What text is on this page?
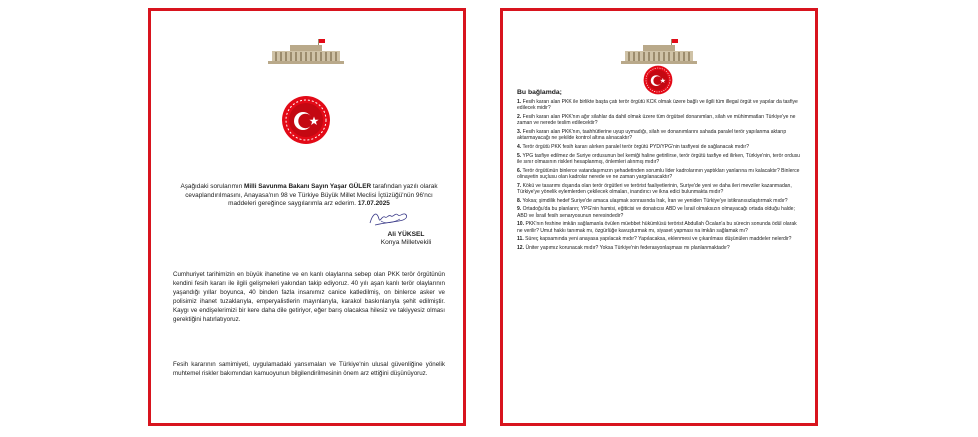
Aşağıdaki sorularımın Milli Savunma Bakanı Sayın Yaşar GÜLER tarafından yazılı olarak cevaplandırılmasını, Anayasa'nın 98 ve Türkiye Büyük Millet Meclisi İçtüzüğü'nün 96'ncı maddeleri gereğince saygılarımla arz ederim. 17.07.2025
Ali YÜKSEL
Konya Milletvekili
Cumhuriyet tarihimizin en büyük ihanetine ve en kanlı olaylarına sebep olan PKK terör örgütünün kendini fesih kararı ile ilgili gelişmeleri yakından takip ediyoruz. 40 yılı aşan kanlı terör olaylarının yaşandığı yıllar boyunca, 40 binden fazla insanımız canice katledilmiş, on binlerce asker ve polisimiz ihanet tuzaklarıyla, emperyalistlerin mayınlarıyla, karakol baskınlarıyla şehit edilmiştir. Kaygı ve endişelerimizi bir kere daha dile getiriyor, eğer barış olacaksa hilesiz ve takiyyesiz olması gerektiğini hatırlatıyoruz.
Fesih kararının samimiyeti, uygulamadaki yansımaları ve Türkiye'nin ulusal güvenliğine yönelik muhtemel riskler bakımından kamuoyunun bilgilendirilmesinin önem arz ettiğini düşünüyoruz.
Bu bağlamda;
1. Fesih kararı alan PKK ile birlikte başta çatı terör örgütü KCK olmak üzere bağlı ve ilgili tüm illegal örgüt ve yapılar da tasfiye edilecek midir?
2. Fesih kararı alan PKK'nın ağır silahlar da dahil olmak üzere tüm örgütsel donanımları, silah ve mühimmatları Türkiye'ye ne zaman ve nerede teslim edilecektir?
3. Fesih kararı alan PKK'nın, taahhütlerine uyup uymadığı, silah ve donanımlarını sahada paralel terör yapılanma aktarıp aktarmayacağı ne şekilde kontrol altına alınacaktır?
4. Terör örgütü PKK fesih kararı alırken paralel terör örgütü PYD/YPG'nin tasfiyesi de sağlanacak mıdır?
5. YPG tasfiye edilmez de Suriye ordusunun bel kemiği haline getirilirse, terör örgütü tasfiye ed ilirken, Türkiye'nin, terör ordusu ile sınır olmasının riskleri hesaplanmış, önlemleri alınmış mıdır?
6. Terör örgütünün binlerce vatandaşımızın şehadetinden sorumlu lider kadrolarının yaptıkları yanlarına mı kalacaktır? Binlerce olinayetin suçlusu olan kadrolar nerede ve ne zaman yargılanacaktır?
7. Kökü ve tasarımı dışarıda olan terör örgütleri ve terörist faaliyetlerinin, Suriye'de yeni ve daha ileri mevziler kazanmadan, Türkiye'ye yönelik eylemlerden çekilecek olmaları, inandırıcı ve ikna edici bulunmakta mıdır?
8. Yoksa; şimdilik hedef Suriye'de amaca ulaşmak sonrasında Irak, İran ve yeniden Türkiye'ye istikranısızlaştırmak mıdır?
9. Ortadoğu'da bu planların; YPG'nin hamisi, eğiticisi ve donatıcısı ABD ve İsrail olmaksızın olmayacağı ortada olduğu halde; ABD ve İsrail fesih senaryosunun neresindedir?
10. PKK'nın feshine imkân sağlamanla övülen müebbet hükümlüsü terörist Abdullah Öcalan'a bu sürecin sonunda ödül olarak ne verilir? Umut hakkı tanımak mı, özgürlüğe kavuşturmak mı, siyaset yapması na imkân sağlamak mı?
11. Süreç kapsamında yeni anayasa yapılacak mıdır? Yapılacaksa, eklenmesi ve çıkarılması düşünülen maddeler nelerdir?
12. Üniter yapımız korunacak mıdır? Yoksa Türkiye'nin federasyonlaşması mı planlanmaktadır?
